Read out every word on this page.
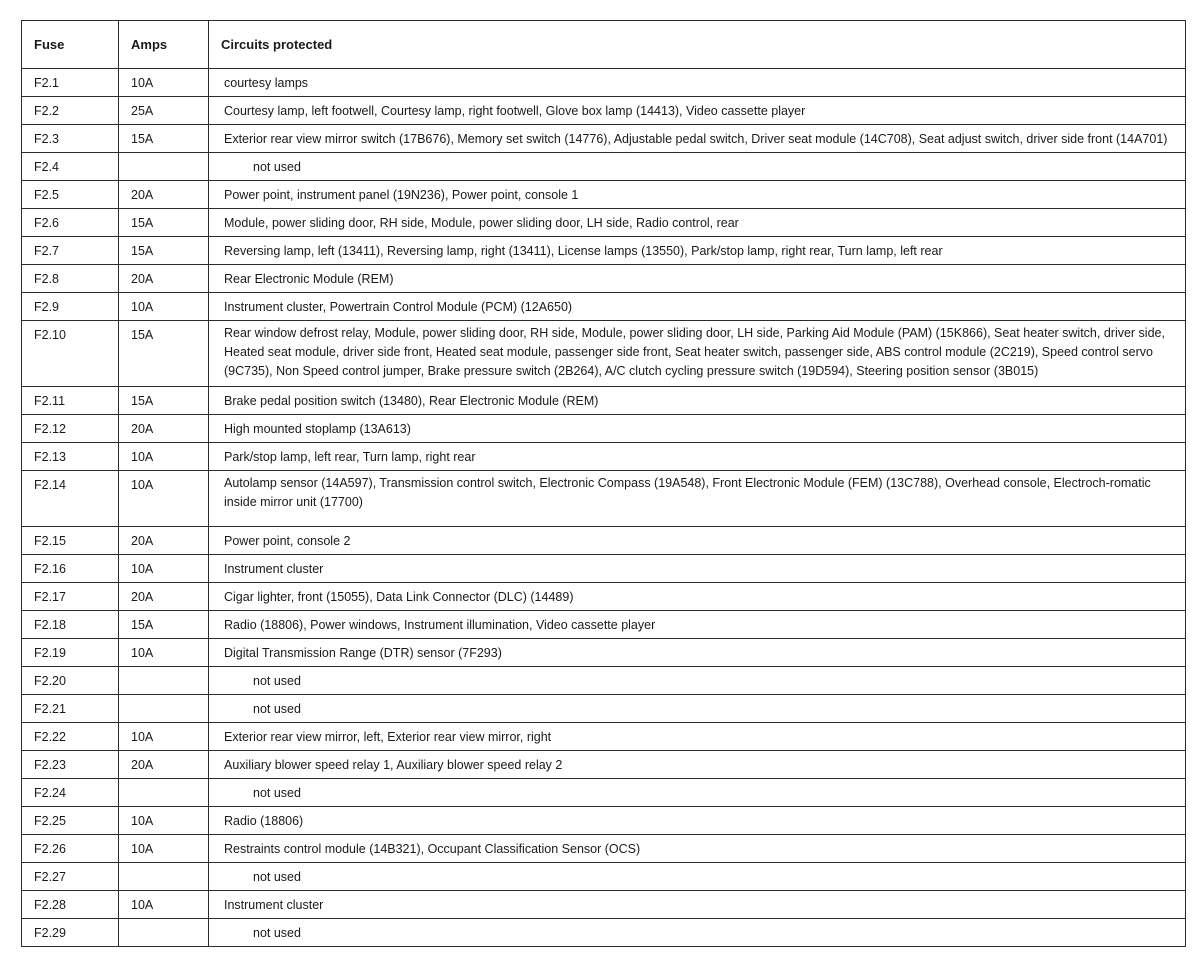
Fuse	Amps	Circuits protected
F2.1	10A	courtesy lamps
F2.2	25A	Courtesy lamp, left footwell, Courtesy lamp, right footwell, Glove box lamp (14413), Video cassette player
F2.3	15A	Exterior rear view mirror switch (17B676), Memory set switch (14776), Adjustable pedal switch, Driver seat module (14C708), Seat adjust switch, driver side front (14A701)
F2.4		not used
F2.5	20A	Power point, instrument panel (19N236), Power point, console 1
F2.6	15A	Module, power sliding door, RH side, Module, power sliding door, LH side, Radio control, rear
F2.7	15A	Reversing lamp, left (13411), Reversing lamp, right (13411), License lamps (13550), Park/stop lamp, right rear, Turn lamp, left rear
F2.8	20A	Rear Electronic Module (REM)
F2.9	10A	Instrument cluster, Powertrain Control Module (PCM) (12A650)
F2.10	15A	Rear window defrost relay, Module, power sliding door, RH side, Module, power sliding door, LH side, Parking Aid Module (PAM) (15K866), Seat heater switch, driver side, Heated seat module, driver side front, Heated seat module, passenger side front, Seat heater switch, passenger side, ABS control module (2C219), Speed control servo (9C735), Non Speed control jumper, Brake pressure switch (2B264), A/C clutch cycling pressure switch (19D594), Steering position sensor (3B015)
F2.11	15A	Brake pedal position switch (13480), Rear Electronic Module (REM)
F2.12	20A	High mounted stoplamp (13A613)
F2.13	10A	Park/stop lamp, left rear, Turn lamp, right rear
F2.14	10A	Autolamp sensor (14A597), Transmission control switch, Electronic Compass (19A548), Front Electronic Module (FEM) (13C788), Overhead console, Electroch-romatic inside mirror unit (17700)
F2.15	20A	Power point, console 2
F2.16	10A	Instrument cluster
F2.17	20A	Cigar lighter, front (15055), Data Link Connector (DLC) (14489)
F2.18	15A	Radio (18806), Power windows, Instrument illumination, Video cassette player
F2.19	10A	Digital Transmission Range (DTR) sensor (7F293)
F2.20		not used
F2.21		not used
F2.22	10A	Exterior rear view mirror, left, Exterior rear view mirror, right
F2.23	20A	Auxiliary blower speed relay 1, Auxiliary blower speed relay 2
F2.24		not used
F2.25	10A	Radio (18806)
F2.26	10A	Restraints control module (14B321), Occupant Classification Sensor (OCS)
F2.27		not used
F2.28	10A	Instrument cluster
F2.29		not used
